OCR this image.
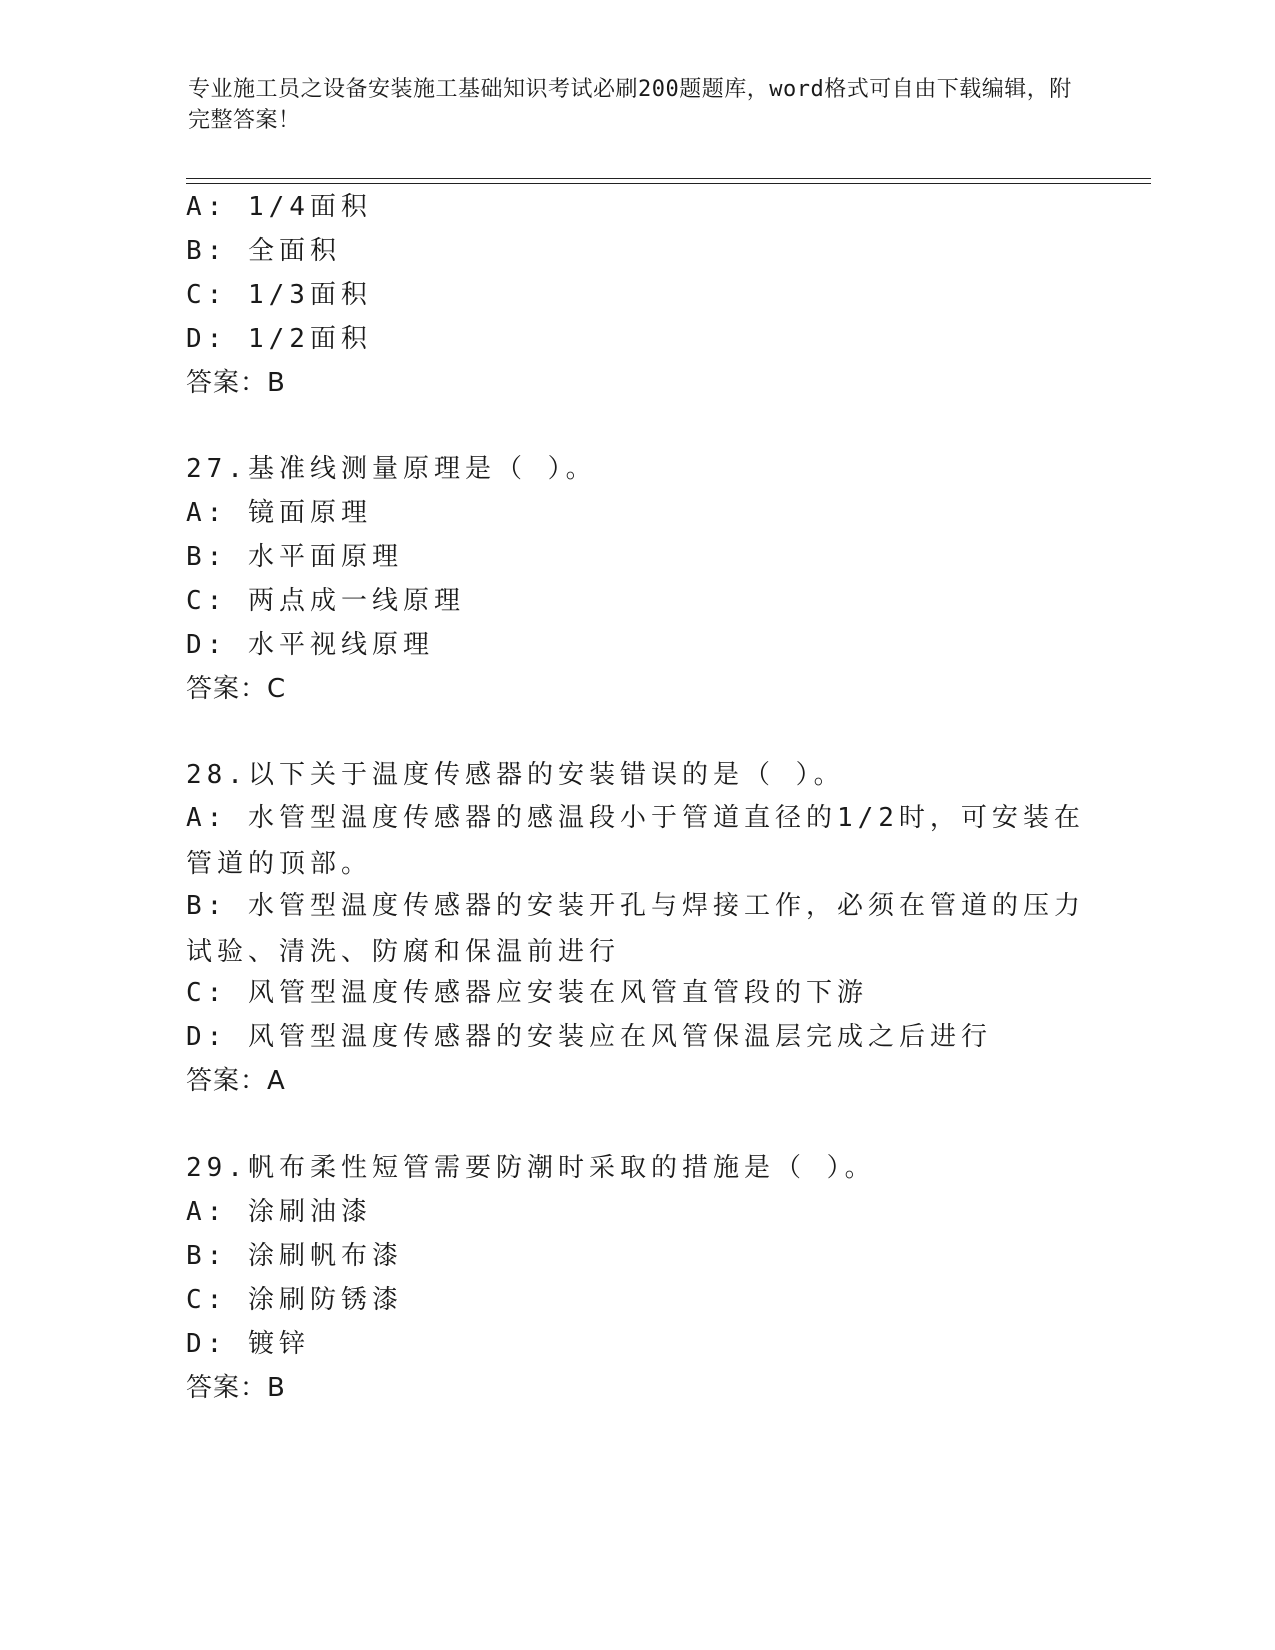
专业施工员之设备安装施工基础知识考试必刷200题题库，word格式可自由下载编辑，附完整答案！
A: 1/4面积
B: 全面积
C: 1/3面积
D: 1/2面积
答案：B
27.基准线测量原理是（ ）。
A: 镜面原理
B: 水平面原理
C: 两点成一线原理
D: 水平视线原理
答案：C
28.以下关于温度传感器的安装错误的是（ ）。
A: 水管型温度传感器的感温段小于管道直径的1/2时，可安装在管道的顶部。
B: 水管型温度传感器的安装开孔与焊接工作，必须在管道的压力试验、清洗、防腐和保温前进行
C: 风管型温度传感器应安装在风管直管段的下游
D: 风管型温度传感器的安装应在风管保温层完成之后进行
答案：A
29.帆布柔性短管需要防潮时采取的措施是（ ）。
A: 涂刷油漆
B: 涂刷帆布漆
C: 涂刷防锈漆
D: 镀锌
答案：B
